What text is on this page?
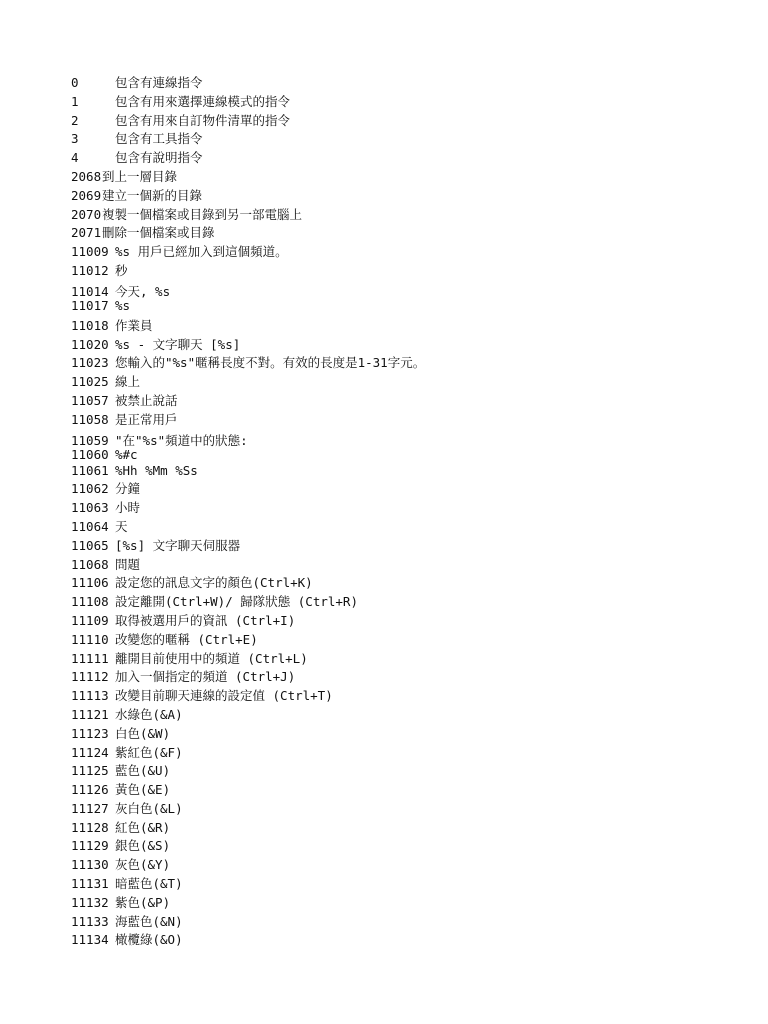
0	包含有連線指令
1	包含有用來選擇連線模式的指令
2	包含有用來自訂物件清單的指令
3	包含有工具指令
4	包含有說明指令
2068 到上一層目錄
2069 建立一個新的目錄
2070 複製一個檔案或目錄到另一部電腦上
2071 刪除一個檔案或目錄
11009 %s 用戶已經加入到這個頻道。
11012 秒
11014 今天, %s
11017 %s
11018 作業員
11020 %s - 文字聊天 [%s]
11023 您輸入的"%s"暱稱長度不對。有效的長度是1-31字元。
11025 線上
11057 被禁止說話
11058 是正常用戶
11059 "在"%s"頻道中的狀態:
11060 %#c
11061 %Hh %Mm %Ss
11062 分鐘
11063 小時
11064 天
11065 [%s] 文字聊天伺服器
11068 問題
11106 設定您的訊息文字的顏色(Ctrl+K)
11108 設定離開(Ctrl+W)/ 歸隊狀態 (Ctrl+R)
11109 取得被選用戶的資訊 (Ctrl+I)
11110 改變您的暱稱 (Ctrl+E)
11111 離開目前使用中的頻道 (Ctrl+L)
11112 加入一個指定的頻道 (Ctrl+J)
11113 改變目前聊天連線的設定值 (Ctrl+T)
11121 水綠色(&A)
11123 白色(&W)
11124 紫紅色(&F)
11125 藍色(&U)
11126 黃色(&E)
11127 灰白色(&L)
11128 紅色(&R)
11129 銀色(&S)
11130 灰色(&Y)
11131 暗藍色(&T)
11132 紫色(&P)
11133 海藍色(&N)
11134 橄欖綠(&O)
